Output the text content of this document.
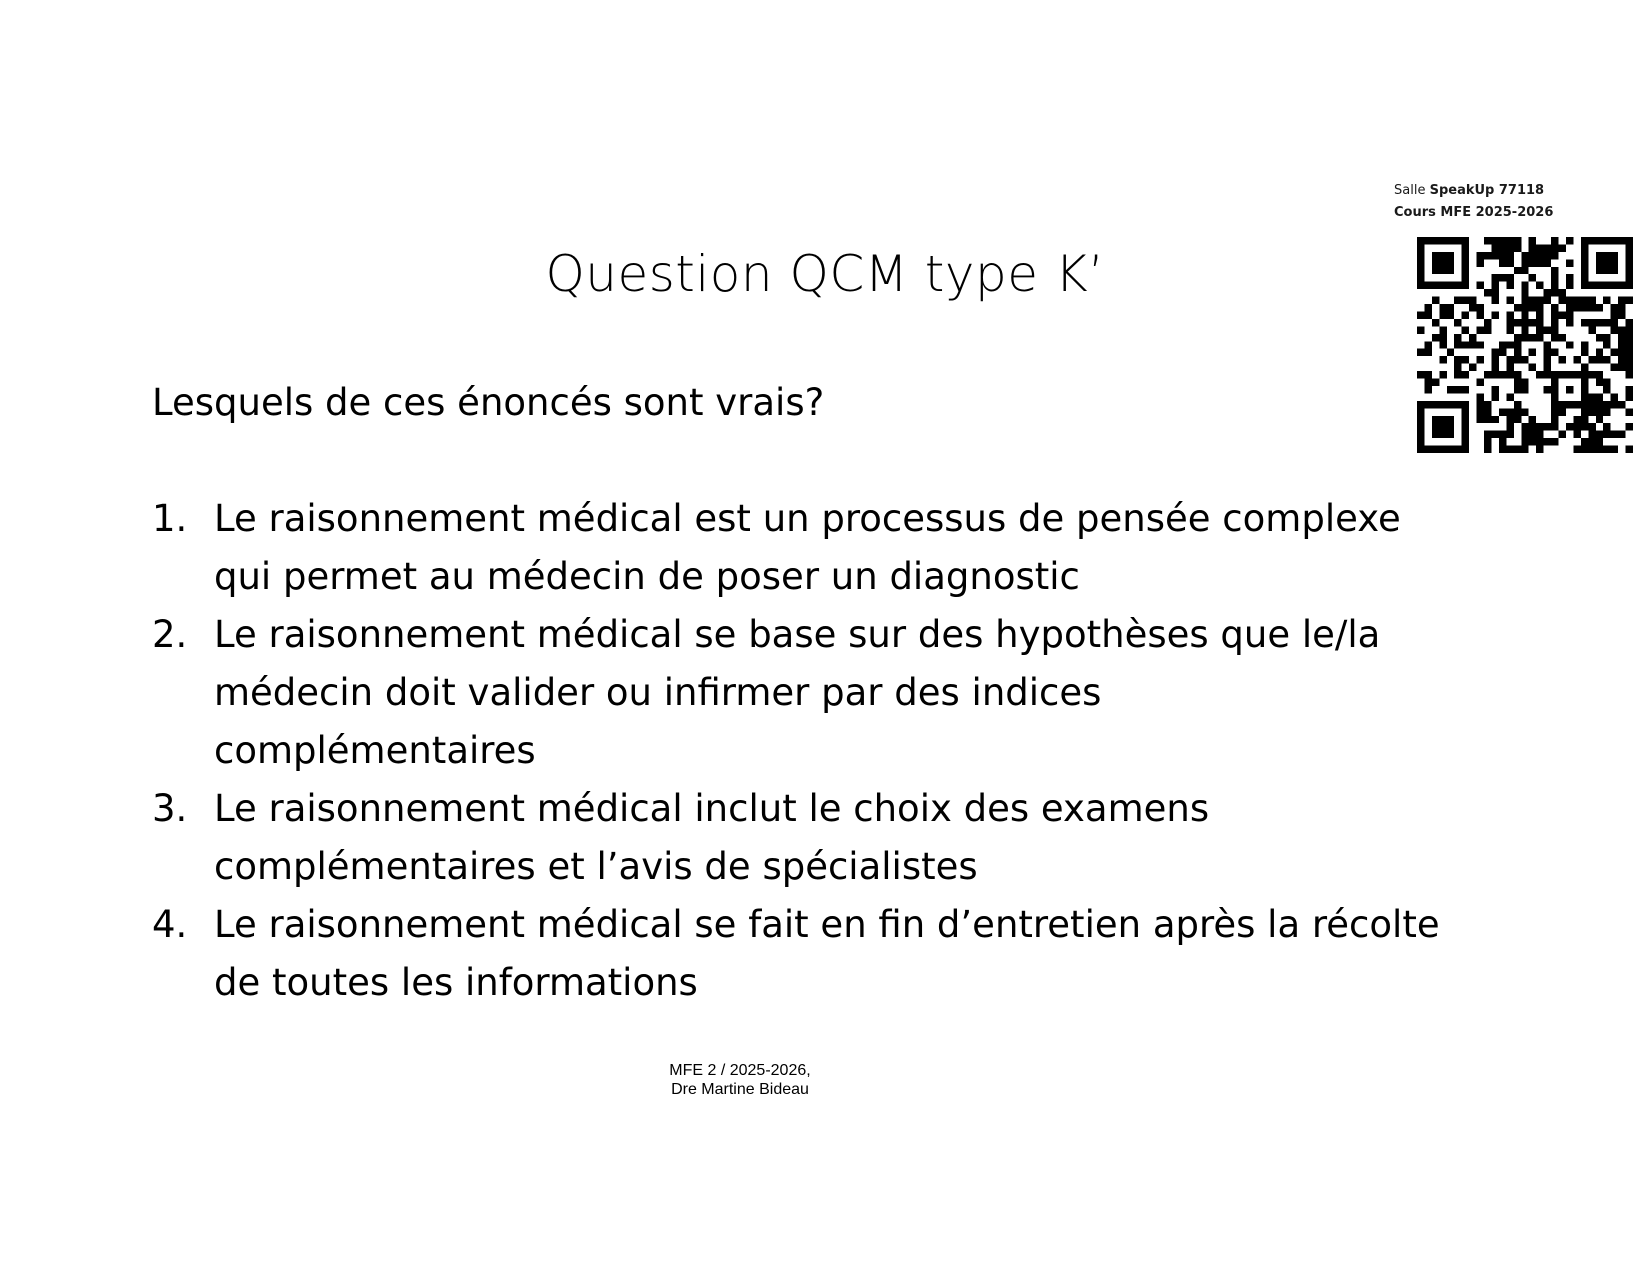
Question QCM type K’
Salle SpeakUp 77118
Cours MFE 2025-2026

Lesquels de ces énoncés sont vrais?

1. Le raisonnement médical est un processus de pensée complexe
qui permet au médecin de poser un diagnostic
2. Le raisonnement médical se base sur des hypothèses que le/la
médecin doit valider ou infirmer par des indices
complémentaires
3. Le raisonnement médical inclut le choix des examens
complémentaires et l’avis de spécialistes
4. Le raisonnement médical se fait en fin d’entretien après la récolte
de toutes les informations
MFE 2 / 2025-2026,
Dre Martine Bideau
